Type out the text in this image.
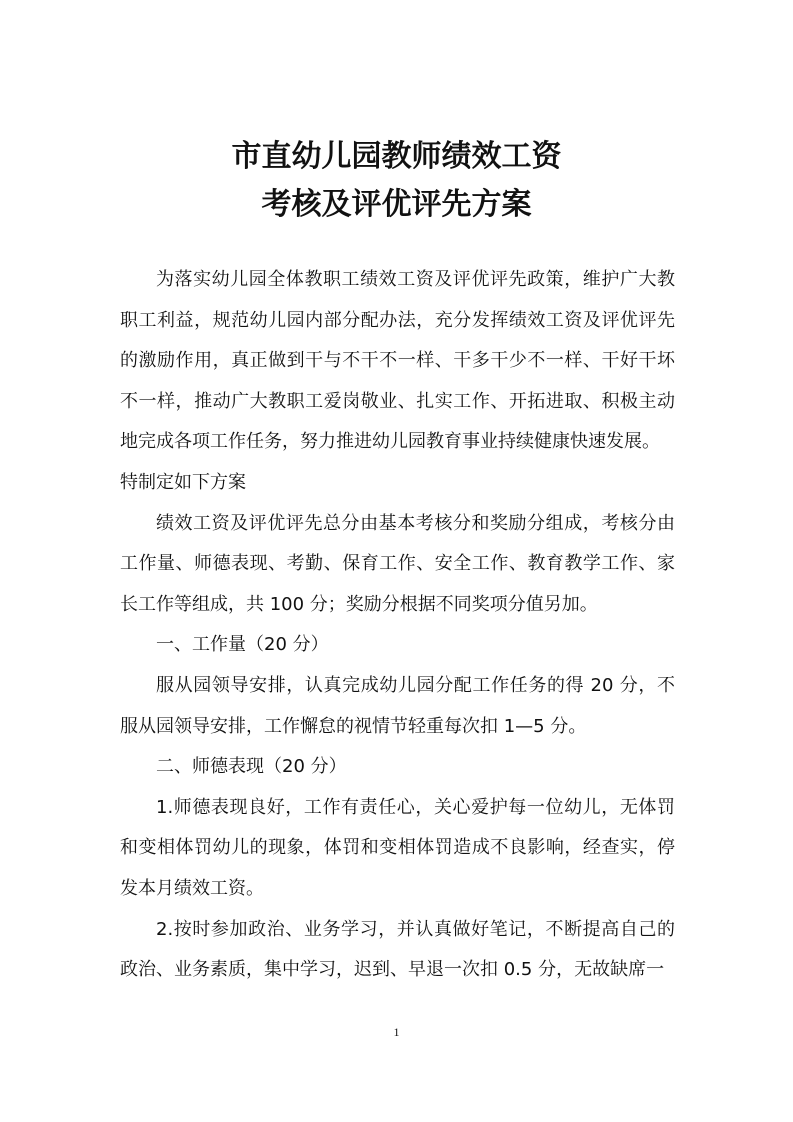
市直幼儿园教师绩效工资
考核及评优评先方案

为落实幼儿园全体教职工绩效工资及评优评先政策，维护广大教职工利益，规范幼儿园内部分配办法，充分发挥绩效工资及评优评先的激励作用，真正做到干与不干不一样、干多干少不一样、干好干坏不一样，推动广大教职工爱岗敬业、扎实工作、开拓进取、积极主动地完成各项工作任务，努力推进幼儿园教育事业持续健康快速发展。

特制定如下方案

绩效工资及评优评先总分由基本考核分和奖励分组成，考核分由工作量、师德表现、考勤、保育工作、安全工作、教育教学工作、家长工作等组成，共 100 分；奖励分根据不同奖项分值另加。

一、工作量（20 分）

服从园领导安排，认真完成幼儿园分配工作任务的得 20 分，不服从园领导安排，工作懈怠的视情节轻重每次扣 1—5 分。

二、师德表现（20 分）

1.师德表现良好，工作有责任心，关心爱护每一位幼儿，无体罚和变相体罚幼儿的现象，体罚和变相体罚造成不良影响，经查实，停发本月绩效工资。

2.按时参加政治、业务学习，并认真做好笔记，不断提高自己的政治、业务素质，集中学习，迟到、早退一次扣 0.5 分，无故缺席一

1
